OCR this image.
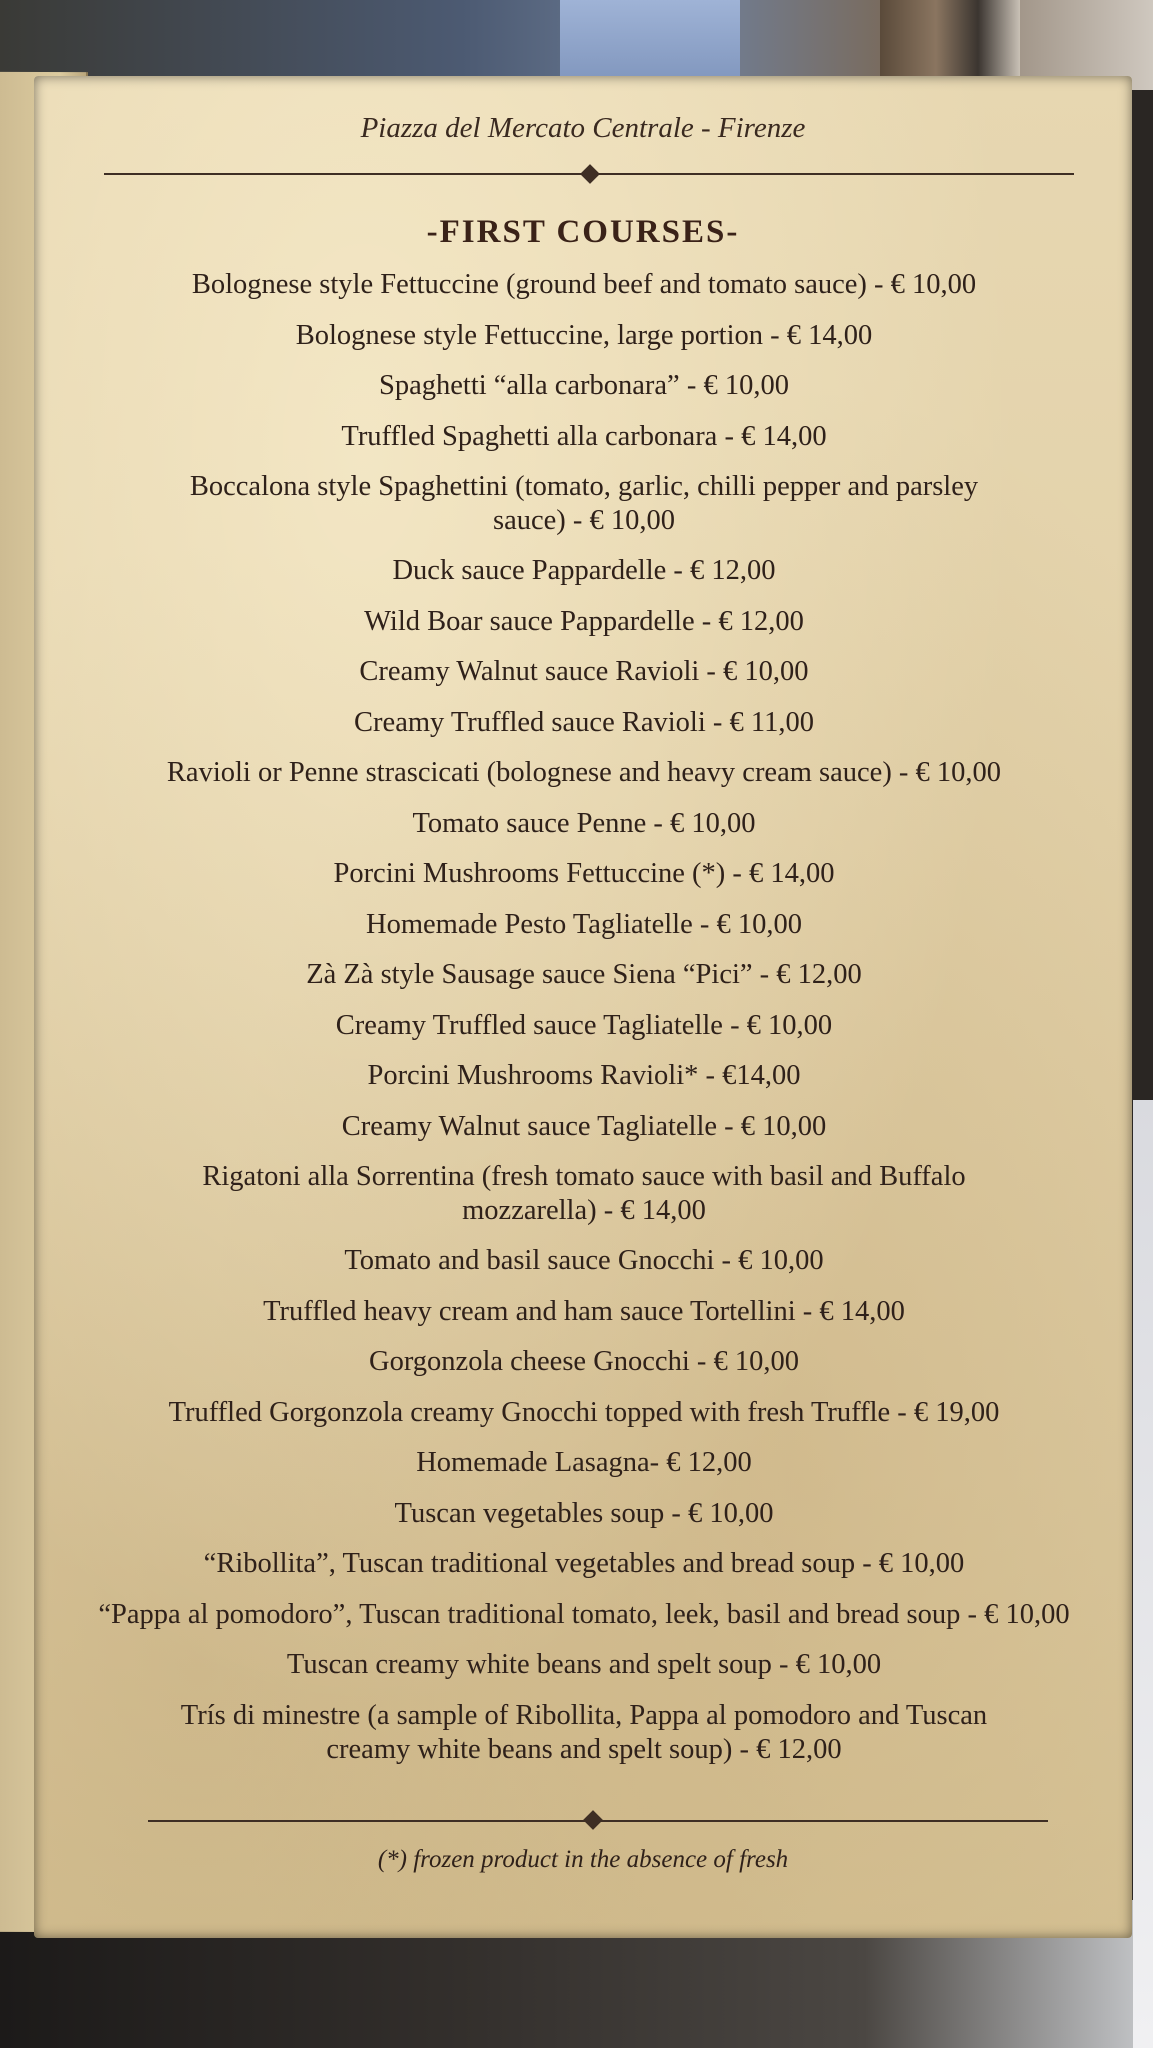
Piazza del Mercato Centrale - Firenze
-FIRST COURSES-

Bolognese style Fettuccine (ground beef and tomato sauce) - € 10,00

Bolognese style Fettuccine, large portion - € 14,00

Spaghetti “alla carbonara” - € 10,00

Truffled Spaghetti alla carbonara - € 14,00

Boccalona style Spaghettini (tomato, garlic, chilli pepper and parsley sauce) - € 10,00

Duck sauce Pappardelle - € 12,00

Wild Boar sauce Pappardelle - € 12,00

Creamy Walnut sauce Ravioli - € 10,00

Creamy Truffled sauce Ravioli - € 11,00

Ravioli or Penne strascicati (bolognese and heavy cream sauce) - € 10,00

Tomato sauce Penne - € 10,00

Porcini Mushrooms Fettuccine (*) - € 14,00

Homemade Pesto Tagliatelle - € 10,00

Zà Zà style Sausage sauce Siena “Pici” - € 12,00

Creamy Truffled sauce Tagliatelle - € 10,00

Porcini Mushrooms Ravioli* - €14,00

Creamy Walnut sauce Tagliatelle - € 10,00

Rigatoni alla Sorrentina (fresh tomato sauce with basil and Buffalo mozzarella) - € 14,00

Tomato and basil sauce Gnocchi - € 10,00

Truffled heavy cream and ham sauce Tortellini - € 14,00

Gorgonzola cheese Gnocchi - € 10,00

Truffled Gorgonzola creamy Gnocchi topped with fresh Truffle - € 19,00

Homemade Lasagna- € 12,00

Tuscan vegetables soup - € 10,00

“Ribollita”, Tuscan traditional vegetables and bread soup - € 10,00

“Pappa al pomodoro”, Tuscan traditional tomato, leek, basil and bread soup - € 10,00

Tuscan creamy white beans and spelt soup - € 10,00

Trís di minestre (a sample of Ribollita, Pappa al pomodoro and Tuscan creamy white beans and spelt soup) - € 12,00

(*) frozen product in the absence of fresh
